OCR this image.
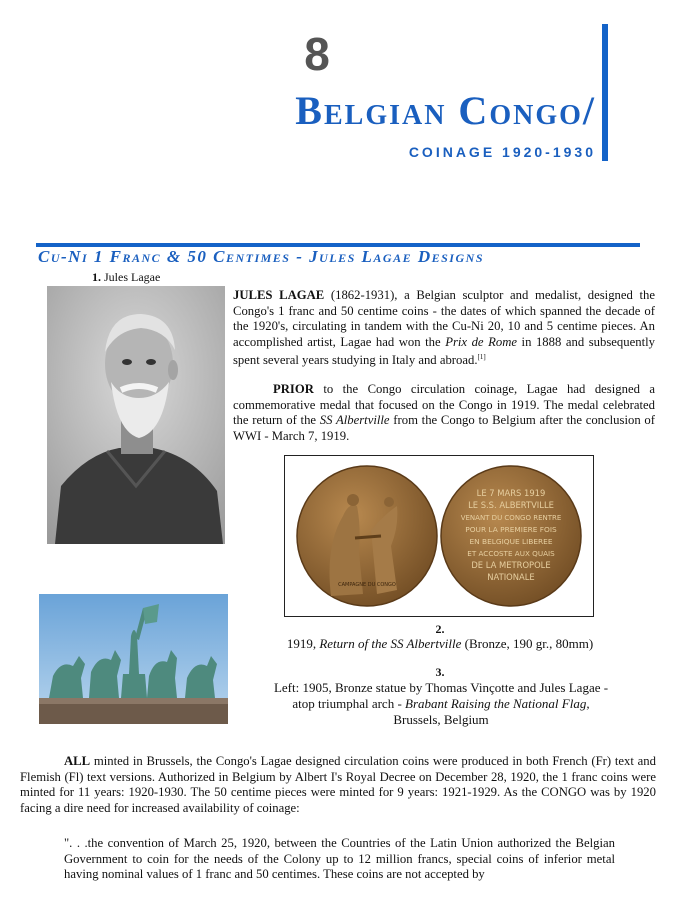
8
Belgian Congo/
COINAGE 1920-1930
Cu-Ni 1 Franc & 50 Centimes - Jules Lagae Designs
1. Jules Lagae
JULES LAGAE (1862-1931), a Belgian sculptor and medalist, designed the Congo's 1 franc and 50 centime coins - the dates of which spanned the decade of the 1920's, circulating in tandem with the Cu-Ni 20, 10 and 5 centime pieces. An accomplished artist, Lagae had won the Prix de Rome in 1888 and subsequently spent several years studying in Italy and abroad.[1]
PRIOR to the Congo circulation coinage, Lagae had designed a commemorative medal that focused on the Congo in 1919. The medal celebrated the return of the SS Albertville from the Congo to Belgium after the conclusion of WWI - March 7, 1919.
CAMPAGNE DU CONGO
LE 7 MARS 1919
LE S.S. ALBERTVILLE
VENANT DU CONGO RENTRE
POUR LA PREMIERE FOIS
EN BELGIQUE LIBEREE
ET ACCOSTE AUX QUAIS
DE LA METROPOLE
NATIONALE
2.
1919, Return of the SS Albertville (Bronze, 190 gr., 80mm)
3.
Left: 1905, Bronze statue by Thomas Vinçotte and Jules Lagae -
atop triumphal arch - Brabant Raising the National Flag,
Brussels, Belgium
ALL minted in Brussels, the Congo's Lagae designed circulation coins were produced in both French (Fr) text and Flemish (Fl) text versions. Authorized in Belgium by Albert I's Royal Decree on December 28, 1920, the 1 franc coins were minted for 11 years: 1920-1930. The 50 centime pieces were minted for 9 years: 1921-1929. As the CONGO was by 1920 facing a dire need for increased availability of coinage:
". . .the convention of March 25, 1920, between the Countries of the Latin Union authorized the Belgian Government to coin for the needs of the Colony up to 12 million francs, special coins of inferior metal having nominal values of 1 franc and 50 centimes. These coins are not accepted by
